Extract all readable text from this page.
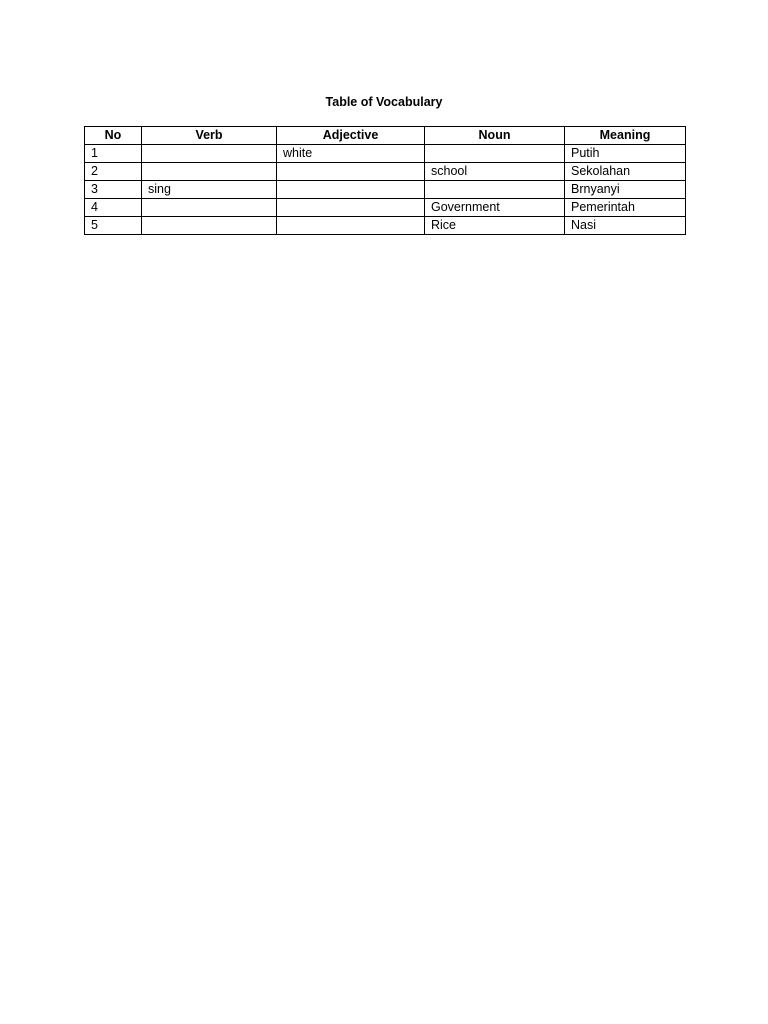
Table of Vocabulary
No	Verb	Adjective	Noun	Meaning
1		white		Putih
2			school	Sekolahan
3	sing			Brnyanyi
4			Government	Pemerintah
5			Rice	Nasi
